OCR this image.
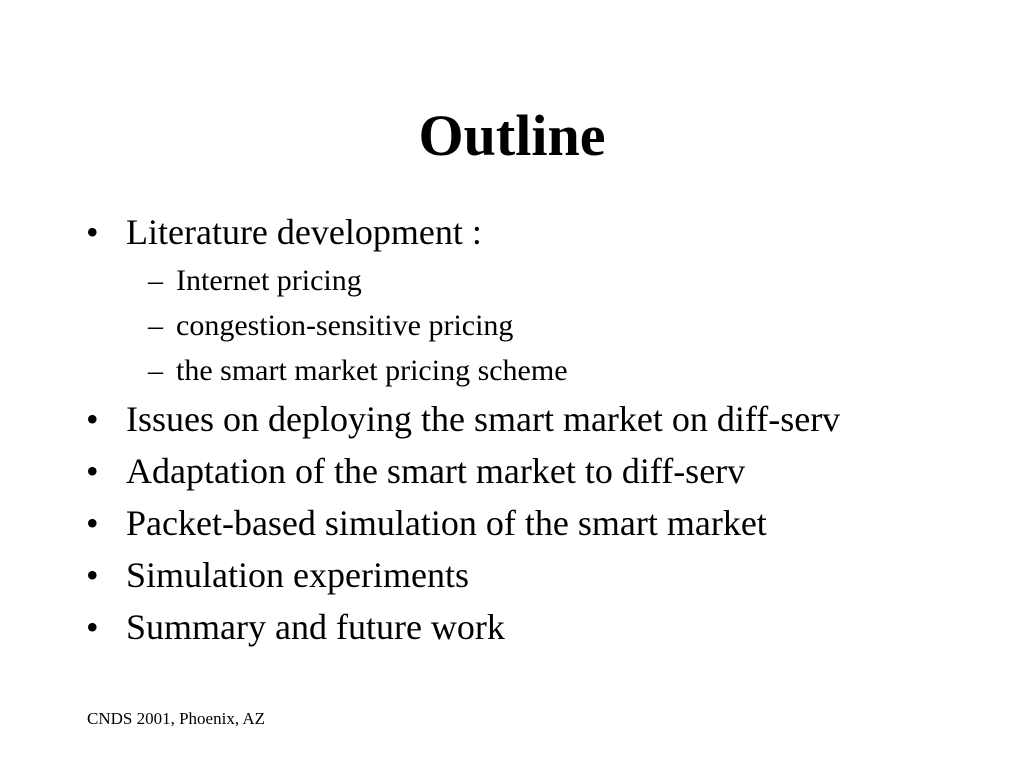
Outline
• Literature development :
– Internet pricing
– congestion-sensitive pricing
– the smart market pricing scheme
• Issues on deploying the smart market on diff-serv
• Adaptation of the smart market to diff-serv
• Packet-based simulation of the smart market
• Simulation experiments
• Summary and future work
CNDS 2001, Phoenix, AZ
